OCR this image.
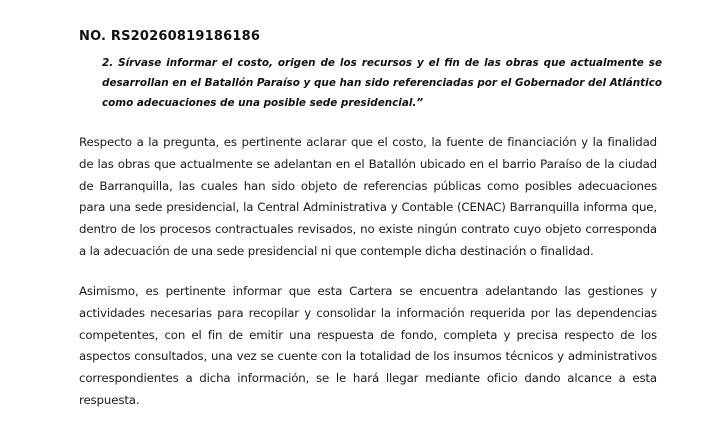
NO. RS20260819186186
2. Sírvase informar el costo, origen de los recursos y el fin de las obras que actualmente se desarrollan en el Batallón Paraíso y que han sido referenciadas por el Gobernador del Atlántico como adecuaciones de una posible sede presidencial.”
Respecto a la pregunta, es pertinente aclarar que el costo, la fuente de financiación y la finalidad de las obras que actualmente se adelantan en el Batallón ubicado en el barrio Paraíso de la ciudad de Barranquilla, las cuales han sido objeto de referencias públicas como posibles adecuaciones para una sede presidencial, la Central Administrativa y Contable (CENAC) Barranquilla informa que, dentro de los procesos contractuales revisados, no existe ningún contrato cuyo objeto corresponda a la adecuación de una sede presidencial ni que contemple dicha destinación o finalidad.
Asimismo, es pertinente informar que esta Cartera se encuentra adelantando las gestiones y actividades necesarias para recopilar y consolidar la información requerida por las dependencias competentes, con el fin de emitir una respuesta de fondo, completa y precisa respecto de los aspectos consultados, una vez se cuente con la totalidad de los insumos técnicos y administrativos correspondientes a dicha información, se le hará llegar mediante oficio dando alcance a esta respuesta.
